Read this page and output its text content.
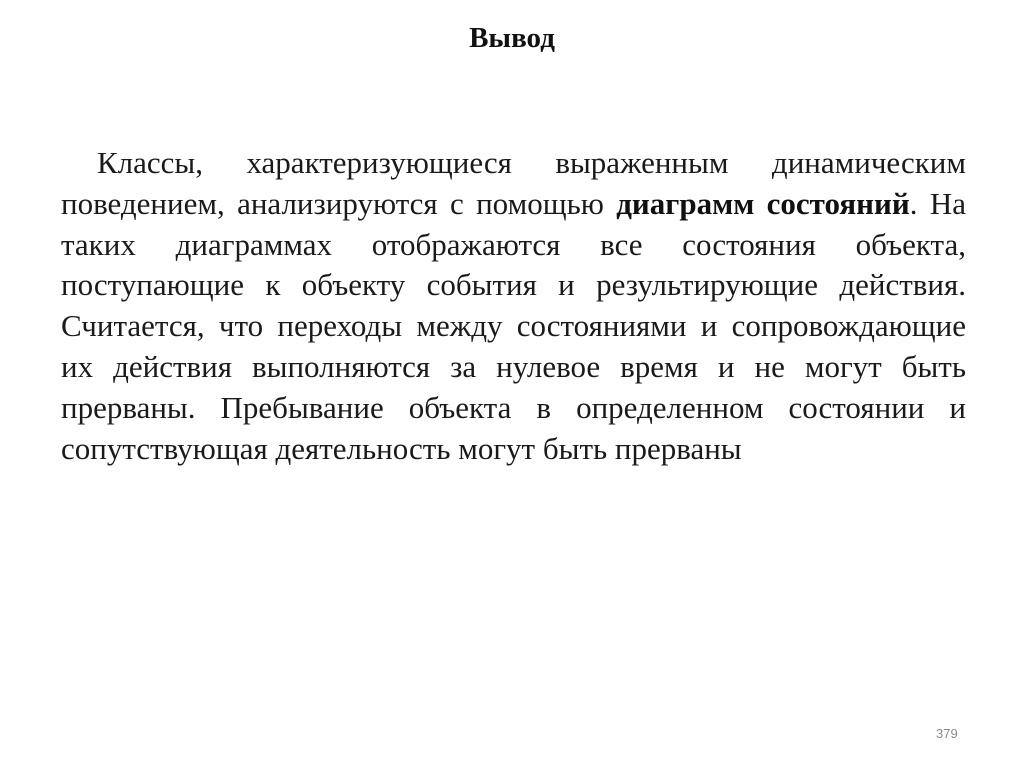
Вывод

Классы, характеризующиеся выраженным динамическим поведением, анализируются с помощью диаграмм состояний. На таких диаграммах отображаются все состояния объекта, поступающие к объекту события и результирующие действия. Считается, что переходы между состояниями и сопровождающие их действия выполняются за нулевое время и не могут быть прерваны. Пребывание объекта в определенном состоянии и сопутствующая деятельность могут быть прерваны

379
